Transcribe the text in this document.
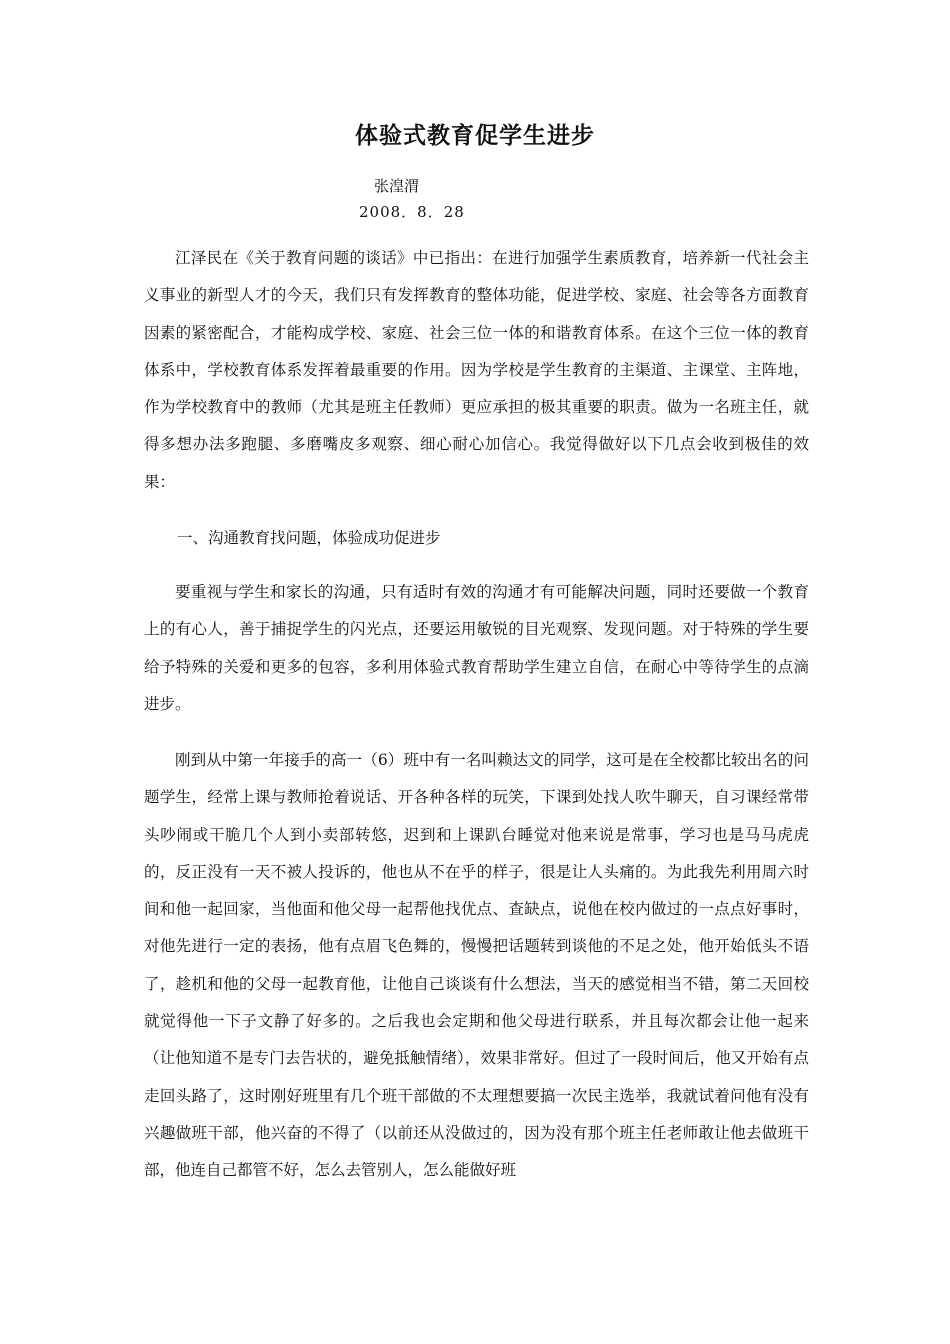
体验式教育促学生进步

张湟渭

2008．8．28

江泽民在《关于教育问题的谈话》中已指出：在进行加强学生素质教育，培养新一代社会主义事业的新型人才的今天，我们只有发挥教育的整体功能，促进学校、家庭、社会等各方面教育因素的紧密配合，才能构成学校、家庭、社会三位一体的和谐教育体系。在这个三位一体的教育体系中，学校教育体系发挥着最重要的作用。因为学校是学生教育的主渠道、主课堂、主阵地，作为学校教育中的教师（尤其是班主任教师）更应承担的极其重要的职责。做为一名班主任，就得多想办法多跑腿、多磨嘴皮多观察、细心耐心加信心。我觉得做好以下几点会收到极佳的效果：

一、沟通教育找问题，体验成功促进步

要重视与学生和家长的沟通，只有适时有效的沟通才有可能解决问题，同时还要做一个教育上的有心人，善于捕捉学生的闪光点，还要运用敏锐的目光观察、发现问题。对于特殊的学生要给予特殊的关爱和更多的包容，多利用体验式教育帮助学生建立自信，在耐心中等待学生的点滴进步。

刚到从中第一年接手的高一（6）班中有一名叫赖达文的同学，这可是在全校都比较出名的问题学生，经常上课与教师抢着说话、开各种各样的玩笑，下课到处找人吹牛聊天，自习课经常带头吵闹或干脆几个人到小卖部转悠，迟到和上课趴台睡觉对他来说是常事，学习也是马马虎虎的，反正没有一天不被人投诉的，他也从不在乎的样子，很是让人头痛的。为此我先利用周六时间和他一起回家，当他面和他父母一起帮他找优点、查缺点，说他在校内做过的一点点好事时，对他先进行一定的表扬，他有点眉飞色舞的，慢慢把话题转到谈他的不足之处，他开始低头不语了，趁机和他的父母一起教育他，让他自己谈谈有什么想法，当天的感觉相当不错，第二天回校就觉得他一下子文静了好多的。之后我也会定期和他父母进行联系，并且每次都会让他一起来（让他知道不是专门去告状的，避免抵触情绪），效果非常好。但过了一段时间后，他又开始有点走回头路了，这时刚好班里有几个班干部做的不太理想要搞一次民主选举，我就试着问他有没有兴趣做班干部，他兴奋的不得了（以前还从没做过的，因为没有那个班主任老师敢让他去做班干部，他连自己都管不好，怎么去管别人，怎么能做好班
